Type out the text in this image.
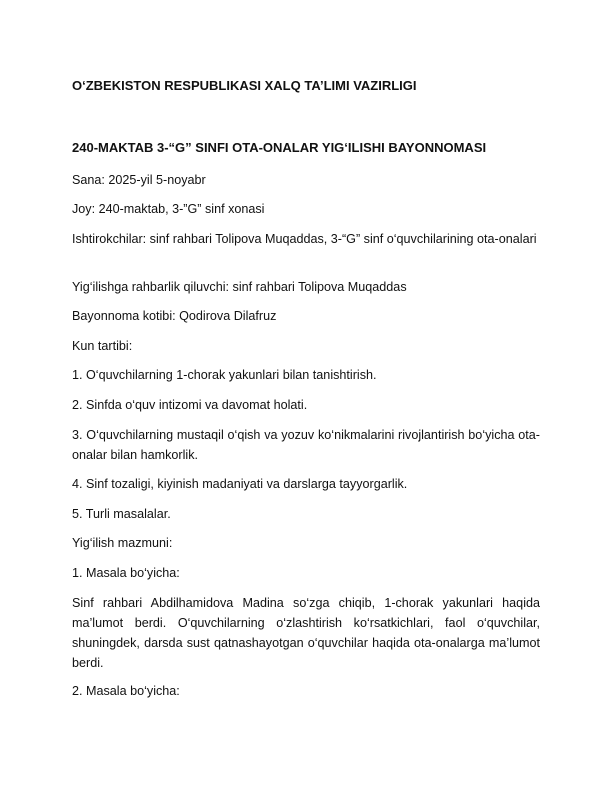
O‘ZBEKISTON RESPUBLIKASI XALQ TA’LIMI VAZIRLIGI
240-MAKTAB 3-“G” SINFI OTA-ONALAR YIG‘ILISHI BAYONNOMASI
Sana: 2025-yil 5-noyabr
Joy: 240-maktab, 3-”G” sinf xonasi
Ishtirokchilar: sinf rahbari Tolipova Muqaddas, 3-“G” sinf o‘quvchilarining ota-onalari
Yig‘ilishga rahbarlik qiluvchi: sinf rahbari Tolipova Muqaddas
Bayonnoma kotibi: Qodirova Dilafruz
Kun tartibi:
1. O‘quvchilarning 1-chorak yakunlari bilan tanishtirish.
2. Sinfda o‘quv intizomi va davomat holati.
3. O‘quvchilarning mustaqil o‘qish va yozuv ko‘nikmalarini rivojlantirish bo‘yicha ota-onalar bilan hamkorlik.
4. Sinf tozaligi, kiyinish madaniyati va darslarga tayyorgarlik.
5. Turli masalalar.
Yig‘ilish mazmuni:
1. Masala bo‘yicha:
Sinf rahbari Abdilhamidova Madina so‘zga chiqib, 1-chorak yakunlari haqida ma’lumot berdi. O‘quvchilarning o‘zlashtirish ko‘rsatkichlari, faol o‘quvchilar, shuningdek, darsda sust qatnashayotgan o‘quvchilar haqida ota-onalarga ma’lumot berdi.
2. Masala bo‘yicha:
